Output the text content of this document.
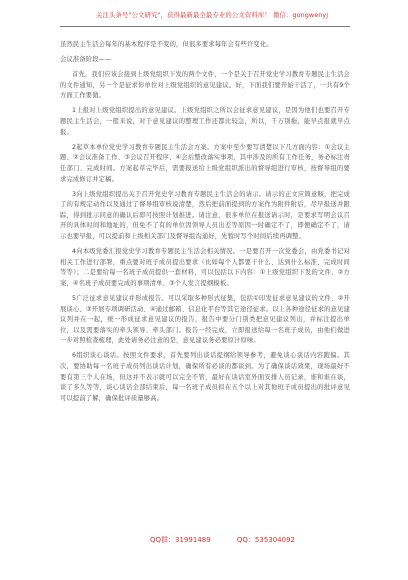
关注头条号"公文研究"，获得最新最全最专业的公文资料库！ 微信：gongwenyj

虽然民主生活会每年的基本程序是不变的，但很多要求每年会有些许变化。

会议准备阶段——

首先，我们应该会接到上级党组织下发的两个文件，一个是关于召开党史学习教育专题民主生活会的文件通知，另一个是征求你单位对上级党组织的意见建议。好，下面我们要开始干活了，一共有9个方面工作要做。

1上报对上级党组织提出的意见建议。上级党组织之所以会征求意见建议，是因为他们也要召开专题民主生活会，一般来说，对于意见建议的整理工作还都比较急，所以，千万别拖，能早点报就早点报。

2起草本单位党史学习教育专题民主生活会方案。方案中至少要写清楚以下几方面内容：①会议主题、②会议准备工作、③会议召开程序、④会后整改落实事项，其中涉及的所有工作任务，务必标注责任部门、完成时间。方案起草完毕后，需要报送给上级党组织派出的督导组进行审核，按督导组的要求完成修订并定稿。

3向上级党组织提出关于召开党史学习教育专题民主生活会的请示。请示的正文应简意赅，把完成了的有规定动作以及通过了督导组审核说清楚，然后把前面提到的方案作为附件附后，尽早报送并跟踪，得到批示同意的确认后即可按照计划推进。请注意，很多单位在报送请示时，是要求写明会议召开的具体时间和地址的，但免不了有的单位因领导人员出差等原因一时确定不了，即便确定不了，请示也要早报，可以提前和上级相关部门及督导组沟通好，先暂时写个时间后续再调整。

4向本级党委汇报党史学习教育专题民主生活会相关情况。一是要召开一次党委会，由党委书记对相关工作进行部署，重点要对班子成员提出要求（比如每个人都要干什么、达到什么标准、完成时间等等）；二是要给每一名班子成员提供一套材料，可以包括以下内容：①上级党组织下发的文件、②方案，④名班子成员要完成的事项清单、③个人发言提纲模板。

5广泛征求意见建议并形成报告。可以采取多种形式征集，包括①印发征求意见建议的文件、②开展谈心、③开展专项调研活动、④通过邮箱、信息化平台等其它途径征求。以上各种途径征求的意见建议列并在一起，统一形成征求意见建议的报告，报告中要分门别类把意见建议列出，并标注提出单位，以及需要落实的牵头领导、牵头部门。报告一经完成，立即报送给每一名班子成员，由他们做进一步对照检查梳理，此处请务必注意的是，意见建议务必要原汁原味。

6组织谈心谈话。按照文件要求，首先要列出谈话提纲给领导参考，避免谈心谈话内容跑偏。其次，要协助每一名班子成员列出谈话计划，确保所有必谈的都谈到。为了确保谈话效果，现场最好不要有第三个人在场，但这并不表示就可以完全不管，最好在谈话室外面安排人员记录，谁和谁在谈，谈了多久等等，谈心谈话全部结束后，每一名班子成员拟在五个以上对其他班子成员提出的批评意见可以提前了解，确保批评质量够高。

QQ群：31991489	QQ：535304092
